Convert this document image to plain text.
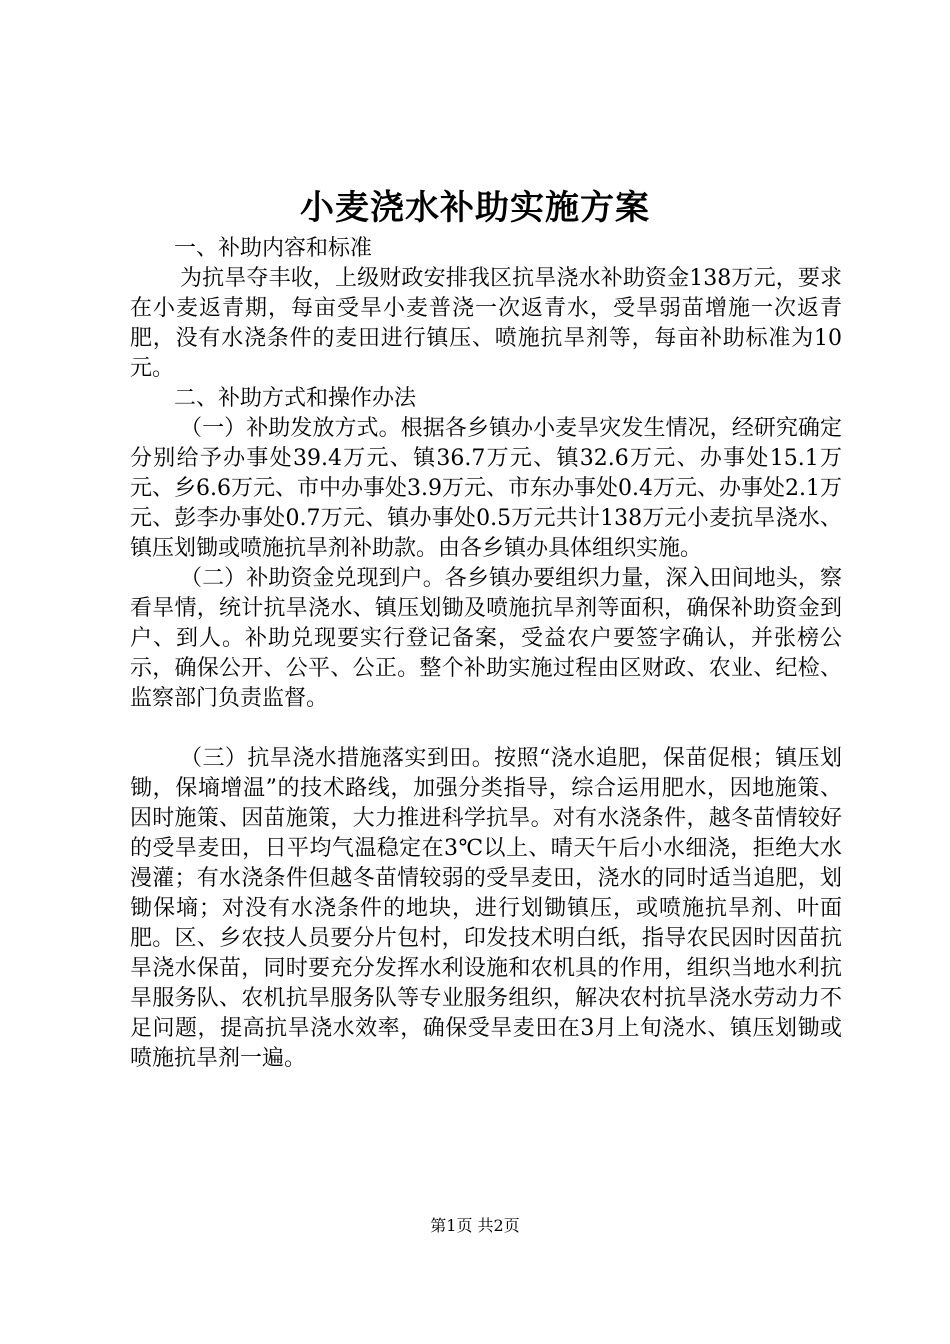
小麦浇水补助实施方案

一、补助内容和标准

为抗旱夺丰收，上级财政安排我区抗旱浇水补助资金138万元，要求在小麦返青期，每亩受旱小麦普浇一次返青水，受旱弱苗增施一次返青肥，没有水浇条件的麦田进行镇压、喷施抗旱剂等，每亩补助标准为10元。

二、补助方式和操作办法

（一）补助发放方式。根据各乡镇办小麦旱灾发生情况，经研究确定分别给予办事处39.4万元、镇36.7万元、镇32.6万元、办事处15.1万元、乡6.6万元、市中办事处3.9万元、市东办事处0.4万元、办事处2.1万元、彭李办事处0.7万元、镇办事处0.5万元共计138万元小麦抗旱浇水、镇压划锄或喷施抗旱剂补助款。由各乡镇办具体组织实施。

（二）补助资金兑现到户。各乡镇办要组织力量，深入田间地头，察看旱情，统计抗旱浇水、镇压划锄及喷施抗旱剂等面积，确保补助资金到户、到人。补助兑现要实行登记备案，受益农户要签字确认，并张榜公示，确保公开、公平、公正。整个补助实施过程由区财政、农业、纪检、监察部门负责监督。

（三）抗旱浇水措施落实到田。按照“浇水追肥，保苗促根；镇压划锄，保墒增温”的技术路线，加强分类指导，综合运用肥水，因地施策、因时施策、因苗施策，大力推进科学抗旱。对有水浇条件，越冬苗情较好的受旱麦田，日平均气温稳定在3℃以上、晴天午后小水细浇，拒绝大水漫灌；有水浇条件但越冬苗情较弱的受旱麦田，浇水的同时适当追肥，划锄保墒；对没有水浇条件的地块，进行划锄镇压，或喷施抗旱剂、叶面肥。区、乡农技人员要分片包村，印发技术明白纸，指导农民因时因苗抗旱浇水保苗，同时要充分发挥水利设施和农机具的作用，组织当地水利抗旱服务队、农机抗旱服务队等专业服务组织，解决农村抗旱浇水劳动力不足问题，提高抗旱浇水效率，确保受旱麦田在3月上旬浇水、镇压划锄或喷施抗旱剂一遍。

第1页 共2页
